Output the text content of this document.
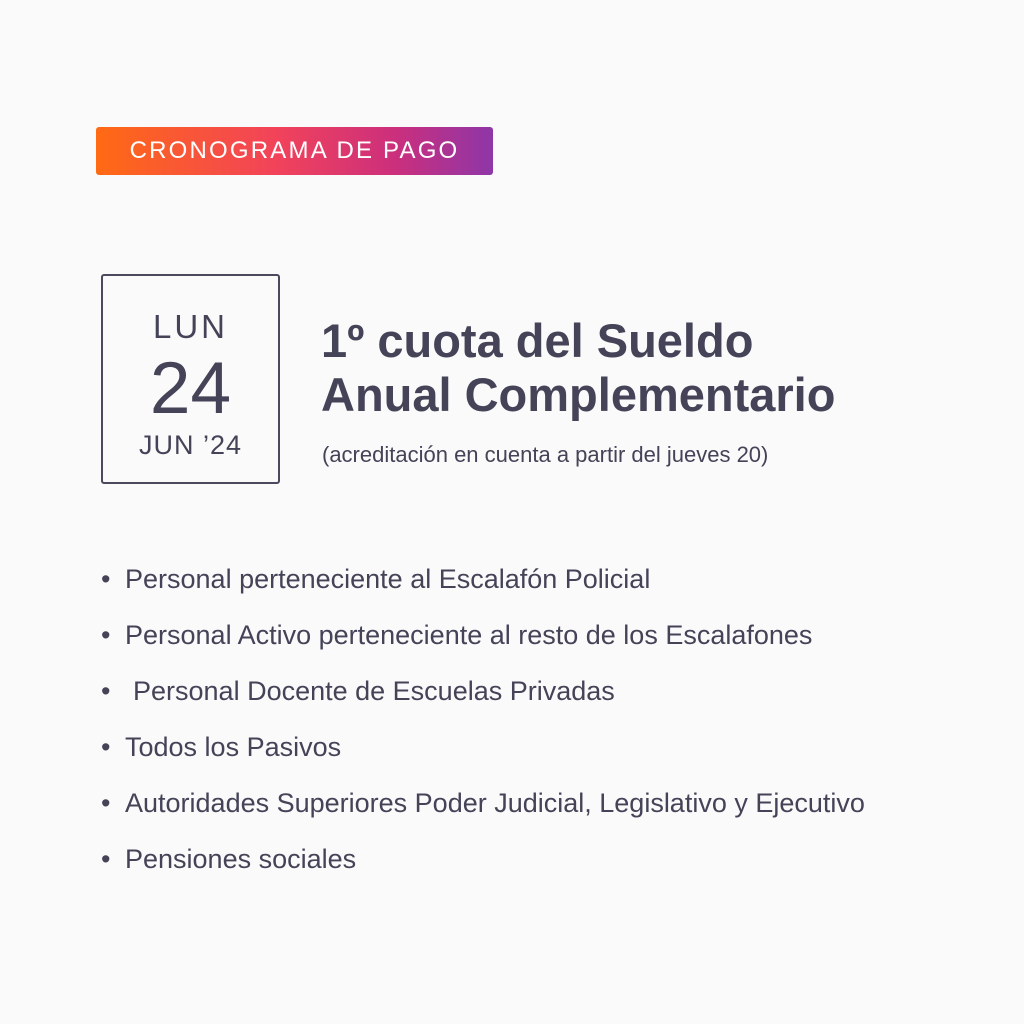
CRONOGRAMA DE PAGO
LUN
24
JUN ’24
1º cuota del Sueldo
Anual Complementario
(acreditación en cuenta a partir del jueves 20)
• Personal perteneciente al Escalafón Policial
• Personal Activo perteneciente al resto de los Escalafones
• Personal Docente de Escuelas Privadas
• Todos los Pasivos
• Autoridades Superiores Poder Judicial, Legislativo y Ejecutivo
• Pensiones sociales
